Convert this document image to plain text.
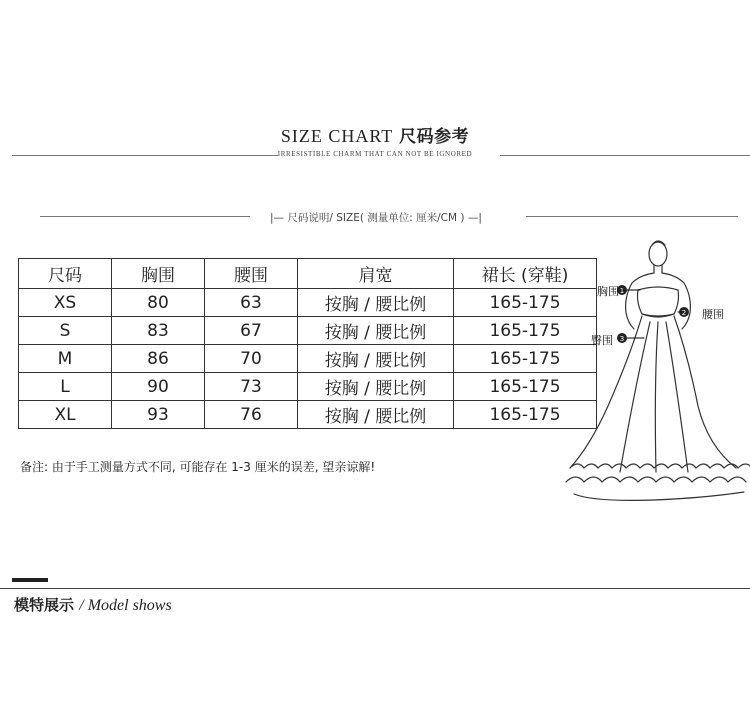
SIZE CHART 尺码参考
IRRESISTIBLE CHARM THAT CAN NOT BE IGNORED
|— 尺码说明/ SIZE( 测量单位: 厘米/CM ) —|
尺码	胸围	腰围	肩宽	裙长 (穿鞋)
XS	80	63	按胸 / 腰比例	165-175
S	83	67	按胸 / 腰比例	165-175
M	86	70	按胸 / 腰比例	165-175
L	90	73	按胸 / 腰比例	165-175
XL	93	76	按胸 / 腰比例	165-175
备注: 由于手工测量方式不同, 可能存在 1-3 厘米的误差, 望亲谅解!
1
2
3
胸围
腰围
臀围
模特展示 / Model shows
